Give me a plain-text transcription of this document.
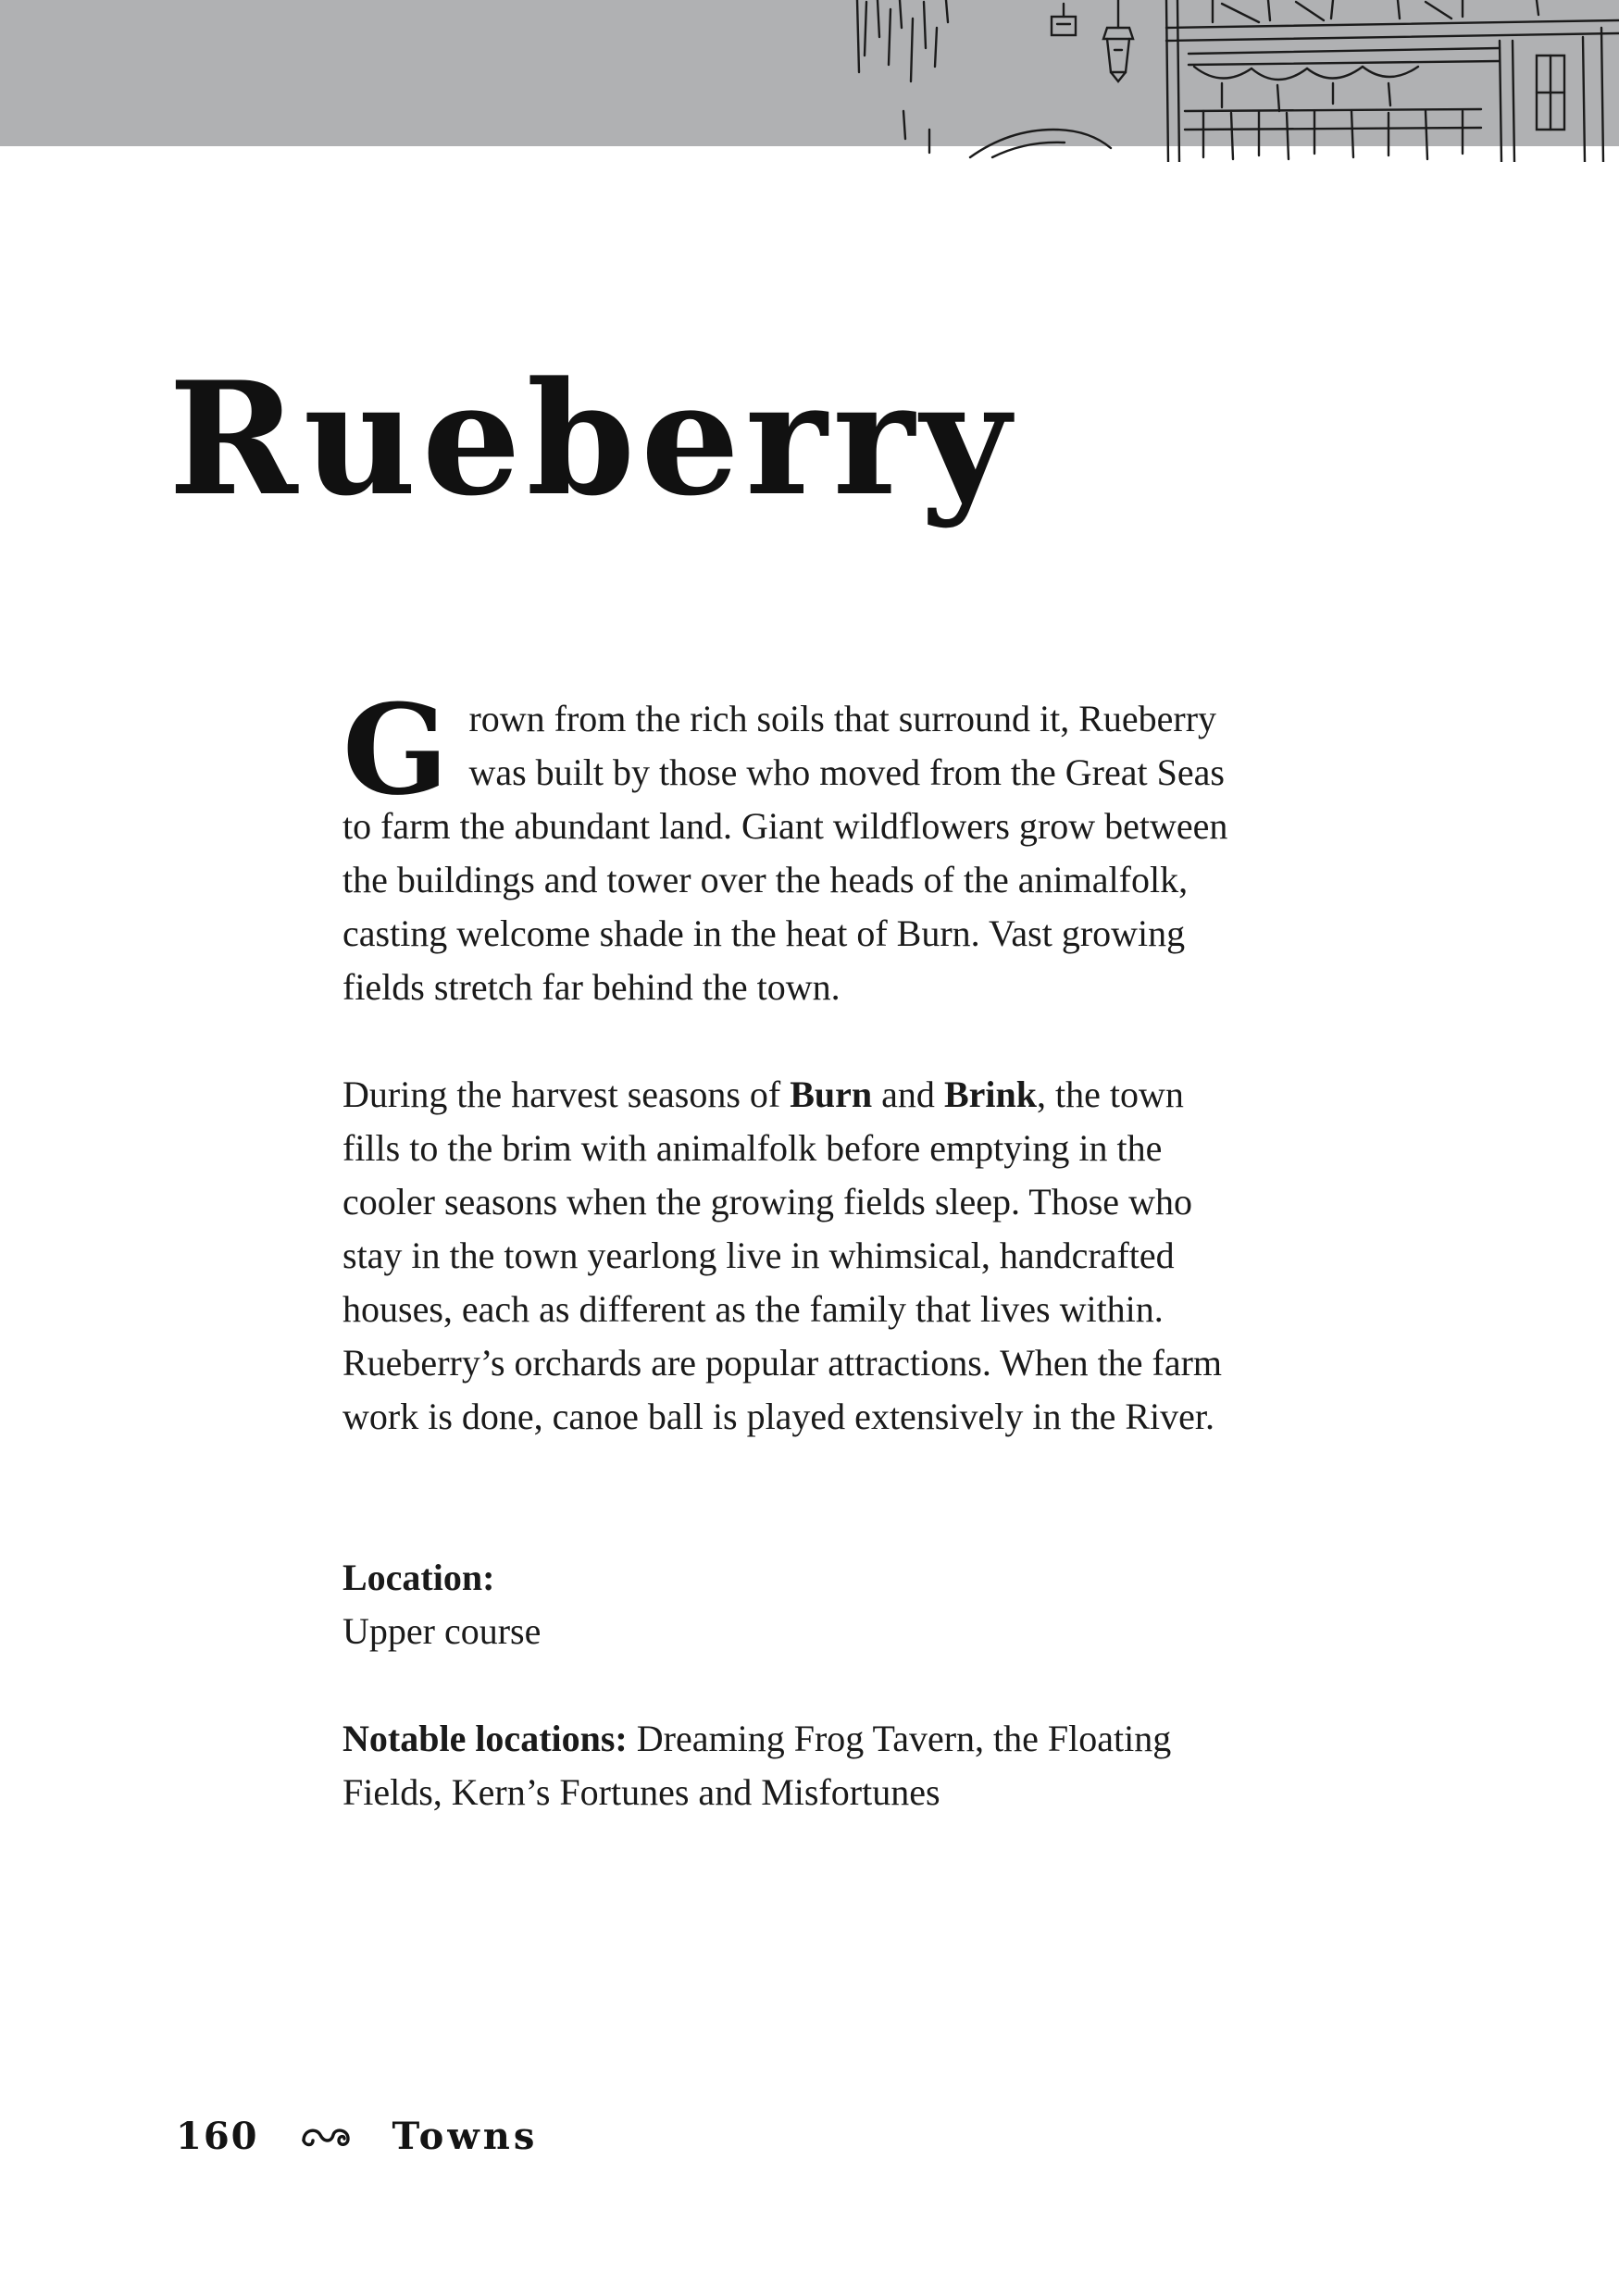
Rueberry

Grown from the rich soils that surround it, Rueberry was built by those who moved from the Great Seas to farm the abundant land. Giant wildflowers grow between the buildings and tower over the heads of the animalfolk, casting welcome shade in the heat of Burn. Vast growing fields stretch far behind the town.

During the harvest seasons of Burn and Brink, the town fills to the brim with animalfolk before emptying in the cooler seasons when the growing fields sleep. Those who stay in the town yearlong live in whimsical, handcrafted houses, each as different as the family that lives within. Rueberry’s orchards are popular attractions. When the farm work is done, canoe ball is played extensively in the River.

Location:
Upper course
Notable locations: Dreaming Frog Tavern, the Floating Fields, Kern’s Fortunes and Misfortunes
160	Towns
